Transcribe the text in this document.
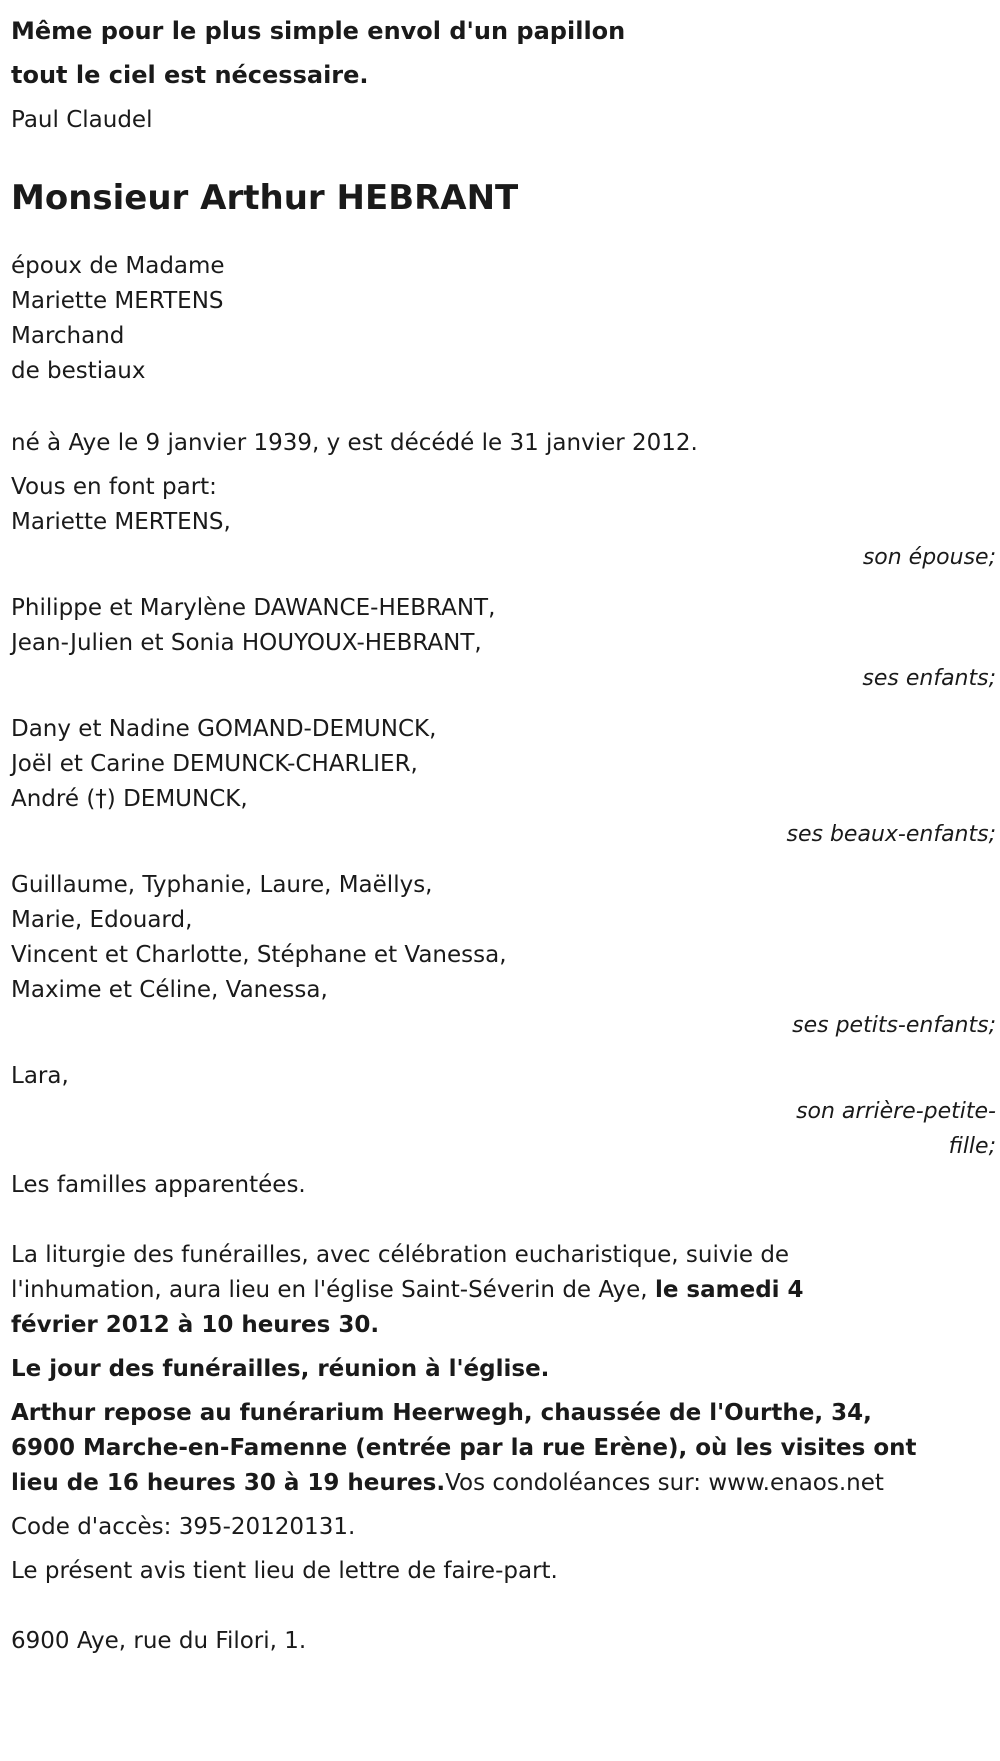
Même pour le plus simple envol d'un papillon

tout le ciel est nécessaire.

Paul Claudel

Monsieur Arthur HEBRANT
époux de Madame
Mariette MERTENS
Marchand
de bestiaux

né à Aye le 9 janvier 1939, y est décédé le 31 janvier 2012.

Vous en font part:
Mariette MERTENS,
son épouse;
Philippe et Marylène DAWANCE-HEBRANT,
Jean-Julien et Sonia HOUYOUX-HEBRANT,
ses enfants;
Dany et Nadine GOMAND-DEMUNCK,
Joël et Carine DEMUNCK-CHARLIER,
André (†) DEMUNCK,
ses beaux-enfants;
Guillaume, Typhanie, Laure, Maëllys,
Marie, Edouard,
Vincent et Charlotte, Stéphane et Vanessa,
Maxime et Céline, Vanessa,
ses petits-enfants;
Lara,
son arrière-petite-
fille;
Les familles apparentées.
La liturgie des funérailles, avec célébration eucharistique, suivie de
l'inhumation, aura lieu en l'église Saint-Séverin de Aye, le samedi 4
février 2012 à 10 heures 30.

Le jour des funérailles, réunion à l'église.

Arthur repose au funérarium Heerwegh, chaussée de l'Ourthe, 34,
6900 Marche-en-Famenne (entrée par la rue Erène), où les visites ont
lieu de 16 heures 30 à 19 heures.Vos condoléances sur: www.enaos.net

Code d'accès: 395-20120131.

Le présent avis tient lieu de lettre de faire-part.

6900 Aye, rue du Filori, 1.
